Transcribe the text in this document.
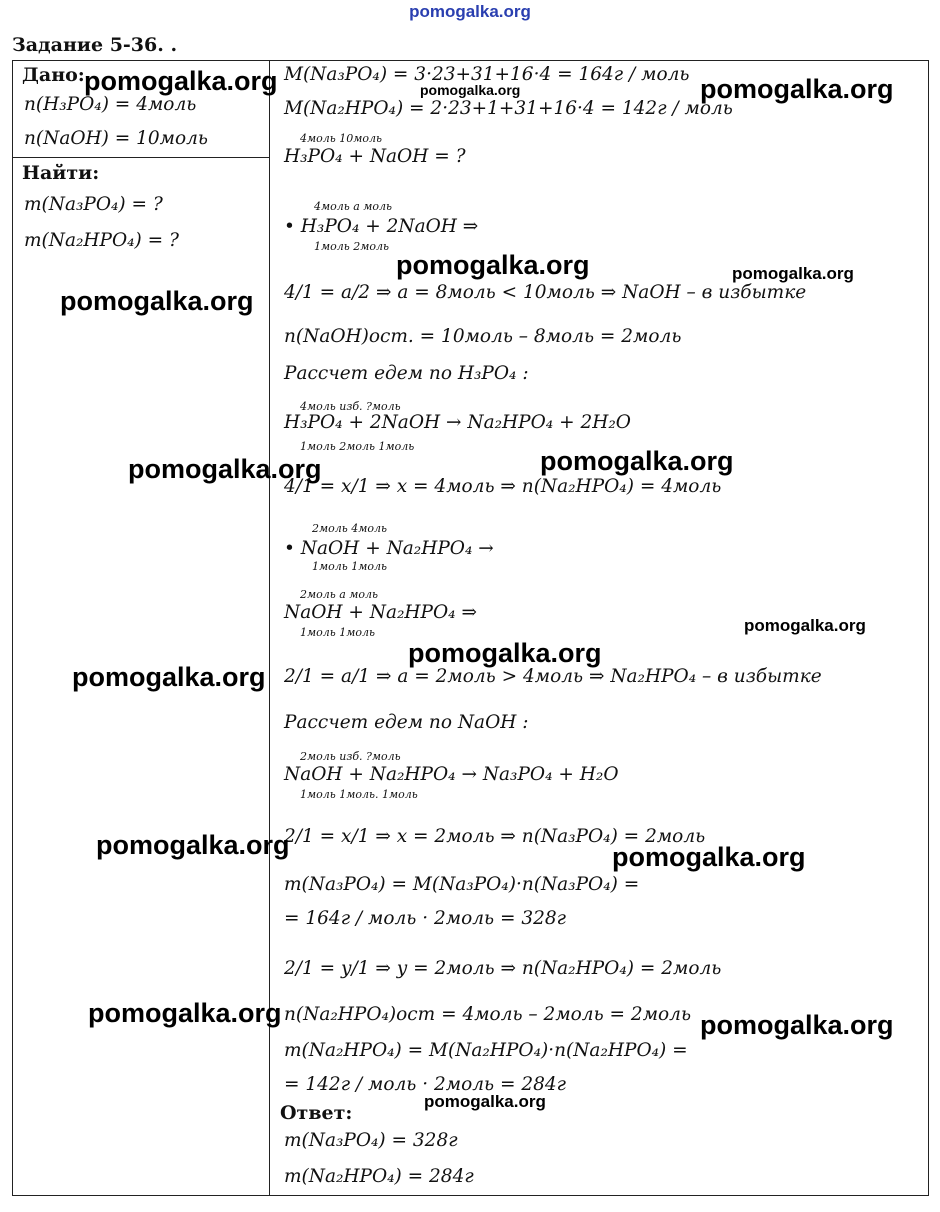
pomogalka.org
Задание 5-36. .
Дано:
n(H₃PO₄) = 4моль
n(NaOH) = 10моль
Найти:
m(Na₃PO₄) = ?
m(Na₂HPO₄) = ?
M(Na₃PO₄) = 3·23+31+16·4 = 164г / моль
M(Na₂HPO₄) = 2·23+1+31+16·4 = 142г / моль
4моль 10моль
H₃PO₄ + NaOH = ?
4моль а моль
• H₃PO₄ + 2NaOH ⇒
1моль 2моль
4/1 = a/2 ⇒ a = 8моль < 10моль ⇒ NaOH – в избытке
n(NaOH)ост. = 10моль – 8моль = 2моль
Рассчет едем по H₃PO₄ :
4моль изб. ?моль
H₃PO₄ + 2NaOH → Na₂HPO₄ + 2H₂O
1моль 2моль 1моль
4/1 = x/1 ⇒ x = 4моль ⇒ n(Na₂HPO₄) = 4моль
2моль 4моль
• NaOH + Na₂HPO₄ →
1моль 1моль
2моль а моль
NaOH + Na₂HPO₄ ⇒
1моль 1моль
2/1 = a/1 ⇒ a = 2моль > 4моль ⇒ Na₂HPO₄ – в избытке
Рассчет едем по NaOH :
2моль изб. ?моль
NaOH + Na₂HPO₄ → Na₃PO₄ + H₂O
1моль 1моль. 1моль
2/1 = x/1 ⇒ x = 2моль ⇒ n(Na₃PO₄) = 2моль
m(Na₃PO₄) = M(Na₃PO₄)·n(Na₃PO₄) =
= 164г / моль · 2моль = 328г
2/1 = y/1 ⇒ y = 2моль ⇒ n(Na₂HPO₄) = 2моль
n(Na₂HPO₄)ост = 4моль – 2моль = 2моль
m(Na₂HPO₄) = M(Na₂HPO₄)·n(Na₂HPO₄) =
= 142г / моль · 2моль = 284г
Ответ:
m(Na₃PO₄) = 328г
m(Na₂HPO₄) = 284г
pomogalka.org	pomogalka.org	pomogalka.org
pomogalka.org	pomogalka.org
pomogalka.org
pomogalka.org	pomogalka.org
pomogalka.org
pomogalka.org
pomogalka.org
pomogalka.org	pomogalka.org
pomogalka.org	pomogalka.org
pomogalka.org
